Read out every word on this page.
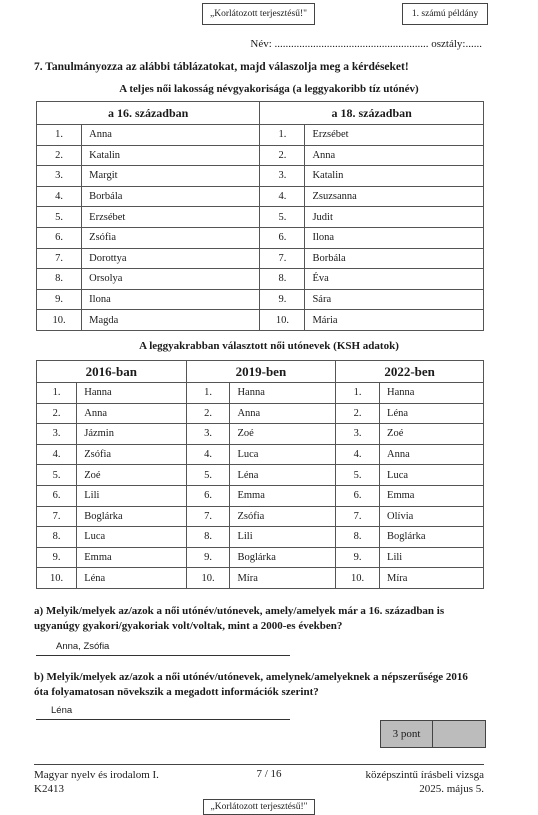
„Korlátozott terjesztésű!"	1. számú példány
Név: ........................................................ osztály:......
7. Tanulmányozza az alábbi táblázatokat, majd válaszolja meg a kérdéseket!
A teljes női lakosság névgyakorisága (a leggyakoribb tíz utónév)
a 16. században		a 18. században	
1.	Anna	1.	Erzsébet
2.	Katalin	2.	Anna
3.	Margit	3.	Katalin
4.	Borbála	4.	Zsuzsanna
5.	Erzsébet	5.	Judit
6.	Zsófia	6.	Ilona
7.	Dorottya	7.	Borbála
8.	Orsolya	8.	Éva
9.	Ilona	9.	Sára
10.	Magda	10.	Mária
A leggyakrabban választott női utónevek (KSH adatok)
2016-ban		2019-ben		2022-ben	
1.	Hanna	1.	Hanna	1.	Hanna
2.	Anna	2.	Anna	2.	Léna
3.	Jázmin	3.	Zoé	3.	Zoé
4.	Zsófia	4.	Luca	4.	Anna
5.	Zoé	5.	Léna	5.	Luca
6.	Lili	6.	Emma	6.	Emma
7.	Boglárka	7.	Zsófia	7.	Olívia
8.	Luca	8.	Lili	8.	Boglárka
9.	Emma	9.	Boglárka	9.	Lili
10.	Léna	10.	Míra	10.	Míra
a) Melyik/melyek az/azok a női utónév/utónevek, amely/amelyek már a 16. században is ugyanúgy gyakori/gyakoriak volt/voltak, mint a 2000-es években?
Anna, Zsófia
b) Melyik/melyek az/azok a női utónév/utónevek, amelynek/amelyeknek a népszerűsége 2016 óta folyamatosan növekszik a megadott információk szerint?
Léna
3 pont
Magyar nyelv és irodalom I.
K2413
7 / 16	középszintű írásbeli vizsga
2025. május 5.
„Korlátozott terjesztésű!"
